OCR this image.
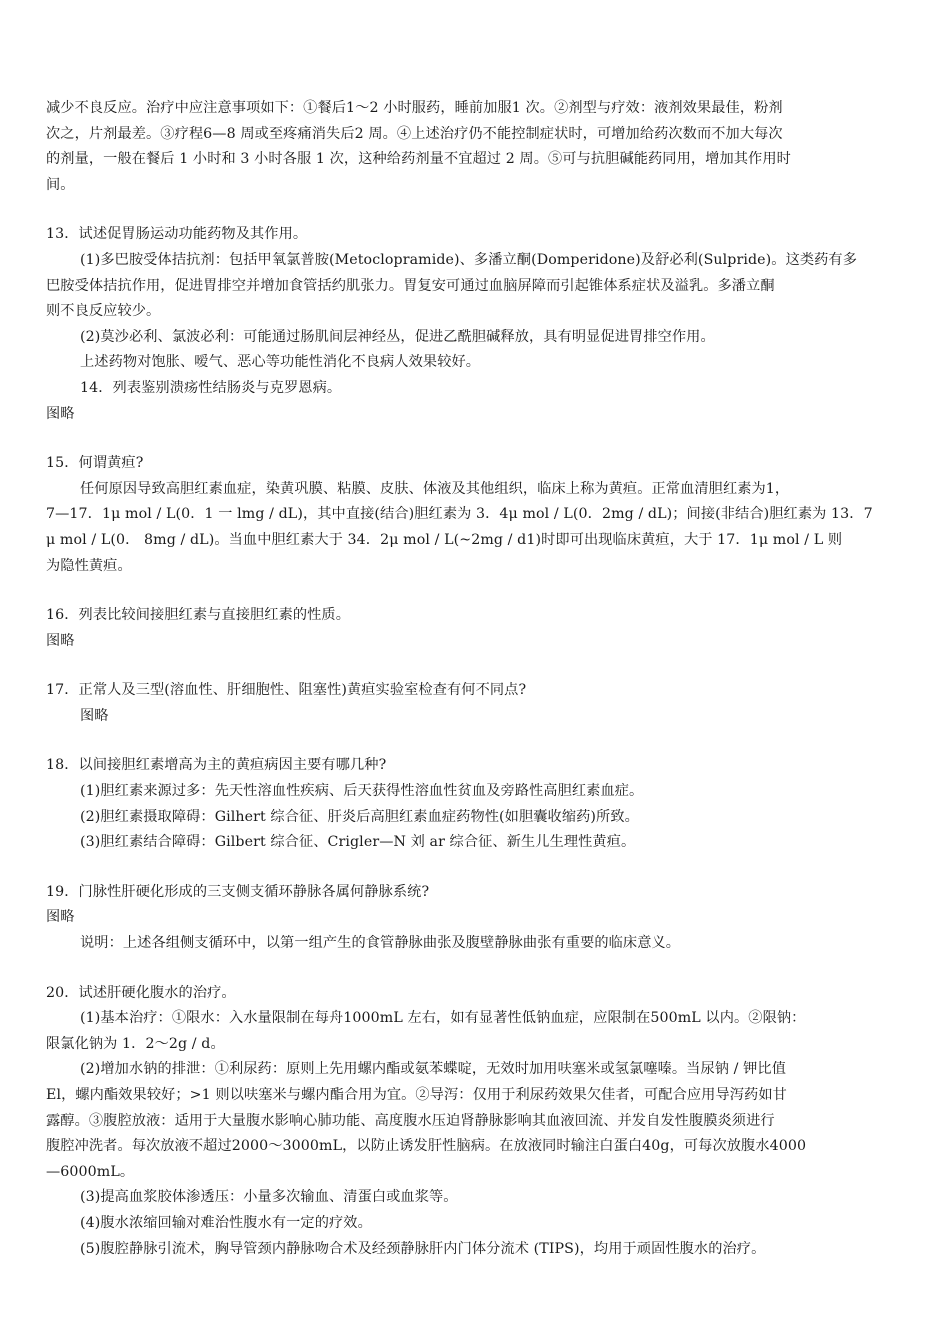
减少不良反应。治疗中应注意事项如下：①餐后1～2 小时服药，睡前加服1 次。②剂型与疗效：液剂效果最佳，粉剂
次之，片剂最差。③疗程6—8 周或至疼痛消失后2 周。④上述治疗仍不能控制症状时，可增加给药次数而不加大每次
的剂量，一般在餐后 1 小时和 3 小时各服 1 次，这种给药剂量不宜超过 2 周。⑤可与抗胆碱能药同用，增加其作用时
间。
13．试述促胃肠运动功能药物及其作用。
(1)多巴胺受体拮抗剂：包括甲氧氯普胺(Metoclopramide)、多潘立酮(Domperidone)及舒必利(Sulpride)。这类药有多
巴胺受体拮抗作用，促进胃排空并增加食管括约肌张力。胃复安可通过血脑屏障而引起锥体系症状及溢乳。多潘立酮
则不良反应较少。
(2)莫沙必利、氯波必利：可能通过肠肌间层神经丛，促进乙酰胆碱释放，具有明显促进胃排空作用。
上述药物对饱胀、嗳气、恶心等功能性消化不良病人效果较好。
14．列表鉴别溃疡性结肠炎与克罗恩病。
图略
15．何谓黄疸?
任何原因导致高胆红素血症，染黄巩膜、粘膜、皮肤、体液及其他组织，临床上称为黄疸。正常血清胆红素为1，
7—17．1μ mol / L(0．1 一 lmg / dL)，其中直接(结合)胆红素为 3．4μ mol / L(0．2mg / dL)；间接(非结合)胆红素为 13．7
μ mol / L(0． 8mg / dL)。当血中胆红素大于 34．2μ mol / L(~2mg / d1)时即可出现临床黄疸，大于 17．1μ mol / L 则
为隐性黄疸。
16．列表比较间接胆红素与直接胆红素的性质。
图略
17．正常人及三型(溶血性、肝细胞性、阻塞性)黄疸实验室检查有何不同点?
图略
18．以间接胆红素增高为主的黄疸病因主要有哪几种?
(1)胆红素来源过多：先天性溶血性疾病、后天获得性溶血性贫血及旁路性高胆红素血症。
(2)胆红素摄取障碍：Gilhert 综合征、肝炎后高胆红素血症药物性(如胆囊收缩药)所致。
(3)胆红素结合障碍：Gilbert 综合征、Crigler—N 刘 ar 综合征、新生儿生理性黄疸。
19．门脉性肝硬化形成的三支侧支循环静脉各属何静脉系统?
图略
说明：上述各组侧支循环中，以第一组产生的食管静脉曲张及腹壁静脉曲张有重要的临床意义。
20．试述肝硬化腹水的治疗。
(1)基本治疗：①限水：入水量限制在每舟1000mL 左右，如有显著性低钠血症，应限制在500mL 以内。②限钠：
限氯化钠为 1．2～2g / d。
(2)增加水钠的排泄：①利尿药：原则上先用螺内酯或氨苯蝶啶，无效时加用呋塞米或氢氯噻嗪。当尿钠 / 钾比值
El，螺内酯效果较好；>1 则以呋塞米与螺内酯合用为宜。②导泻：仅用于利尿药效果欠佳者，可配合应用导泻药如甘
露醇。③腹腔放液：适用于大量腹水影响心肺功能、高度腹水压迫肾静脉影响其血液回流、并发自发性腹膜炎须进行
腹腔冲洗者。每次放液不超过2000～3000mL，以防止诱发肝性脑病。在放液同时输注白蛋白40g，可每次放腹水4000
—6000mL。
(3)提高血浆胶体渗透压：小量多次输血、清蛋白或血浆等。
(4)腹水浓缩回输对难治性腹水有一定的疗效。
(5)腹腔静脉引流术，胸导管颈内静脉吻合术及经颈静脉肝内门体分流术 (TIPS)，均用于顽固性腹水的治疗。
